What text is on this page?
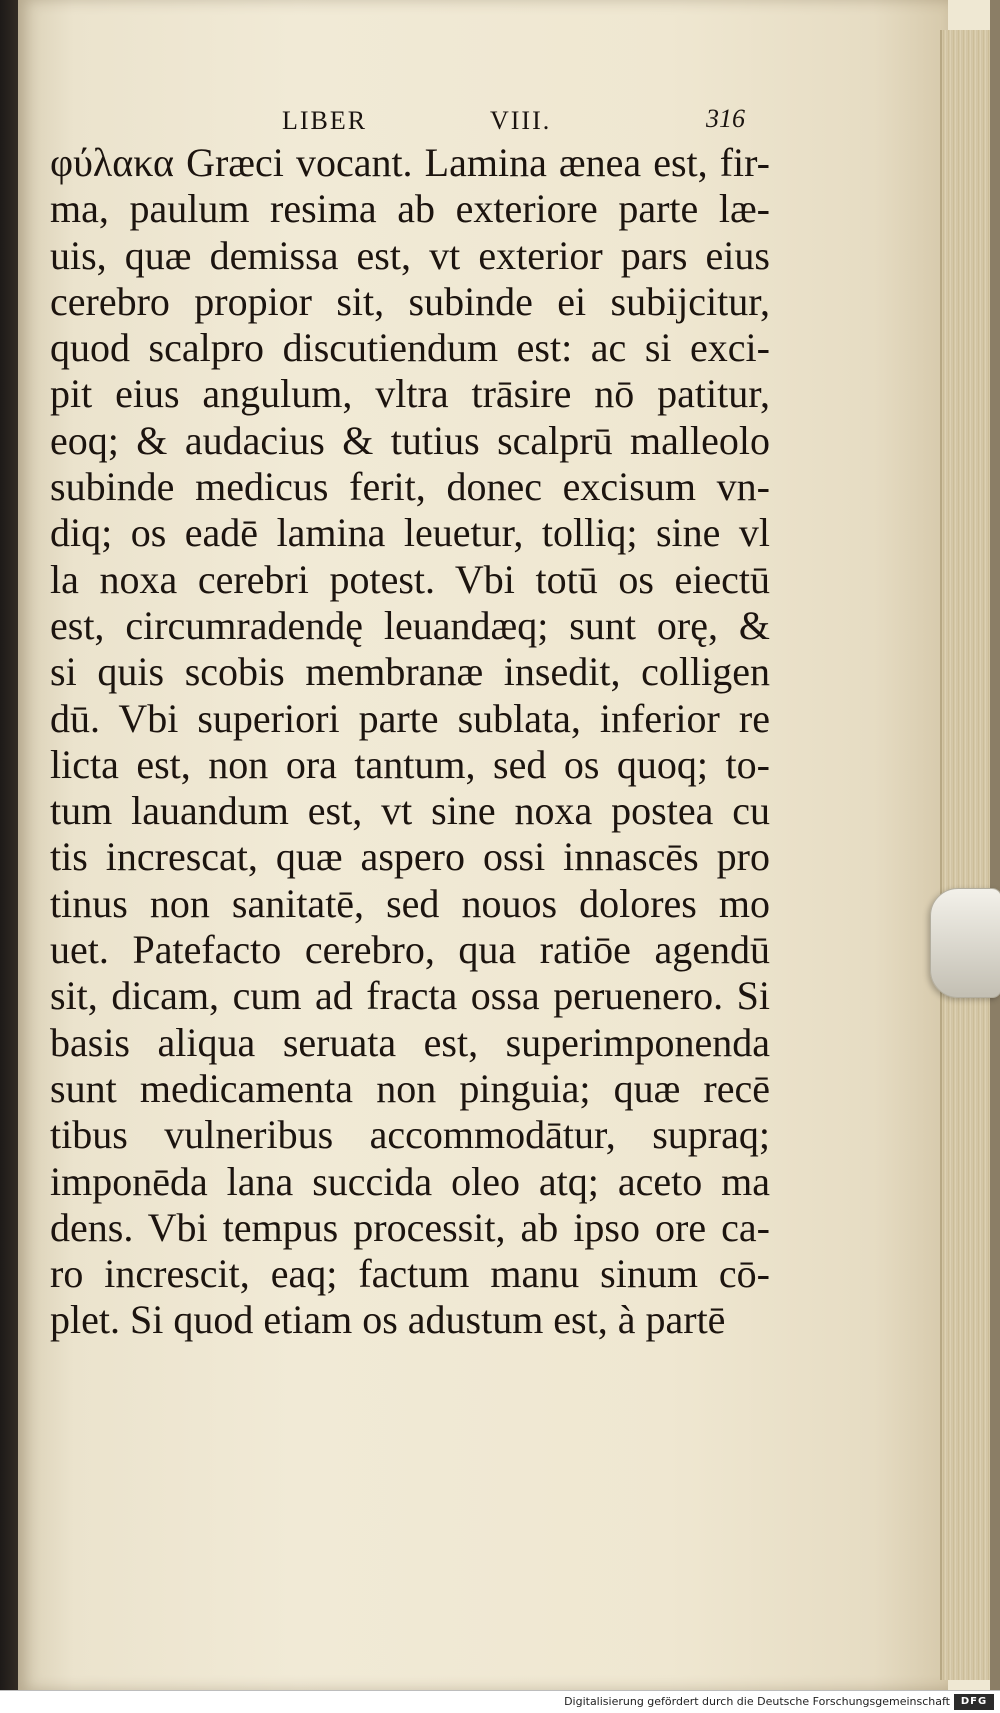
LIBER	VIII.	316
φύλακα Græci vocant. Lamina ænea est, fir-
ma, paulum resima ab exteriore parte læ-
uis, quæ demissa est, vt exterior pars eius
cerebro propior sit, subinde ei subijcitur,
quod scalpro discutiendum est: ac si exci-
pit eius angulum, vltra trāsire nō patitur,
eoq; & audacius & tutius scalprū malleolo
subinde medicus ferit, donec excisum vn-
diq; os eadē lamina leuetur, tolliq; sine vl
la noxa cerebri potest. Vbi totū os eiectū
est, circumradendę leuandæq; sunt orę, &
si quis scobis membranæ insedit, colligen
dū. Vbi superiori parte sublata, inferior re
licta est, non ora tantum, sed os quoq; to-
tum lauandum est, vt sine noxa postea cu
tis increscat, quæ aspero ossi innascēs pro
tinus non sanitatē, sed nouos dolores mo
uet. Patefacto cerebro, qua ratiōe agendū
sit, dicam, cum ad fracta ossa peruenero. Si
basis aliqua seruata est, superimponenda
sunt medicamenta non pinguia; quæ recē
tibus vulneribus accommodātur, supraq;
imponēda lana succida oleo atq; aceto ma
dens. Vbi tempus processit, ab ipso ore ca-
ro increscit, eaq; factum manu sinum cō-
plet. Si quod etiam os adustum est, à partē
Digitalisierung gefördert durch die Deutsche Forschungsgemeinschaft	DFG
